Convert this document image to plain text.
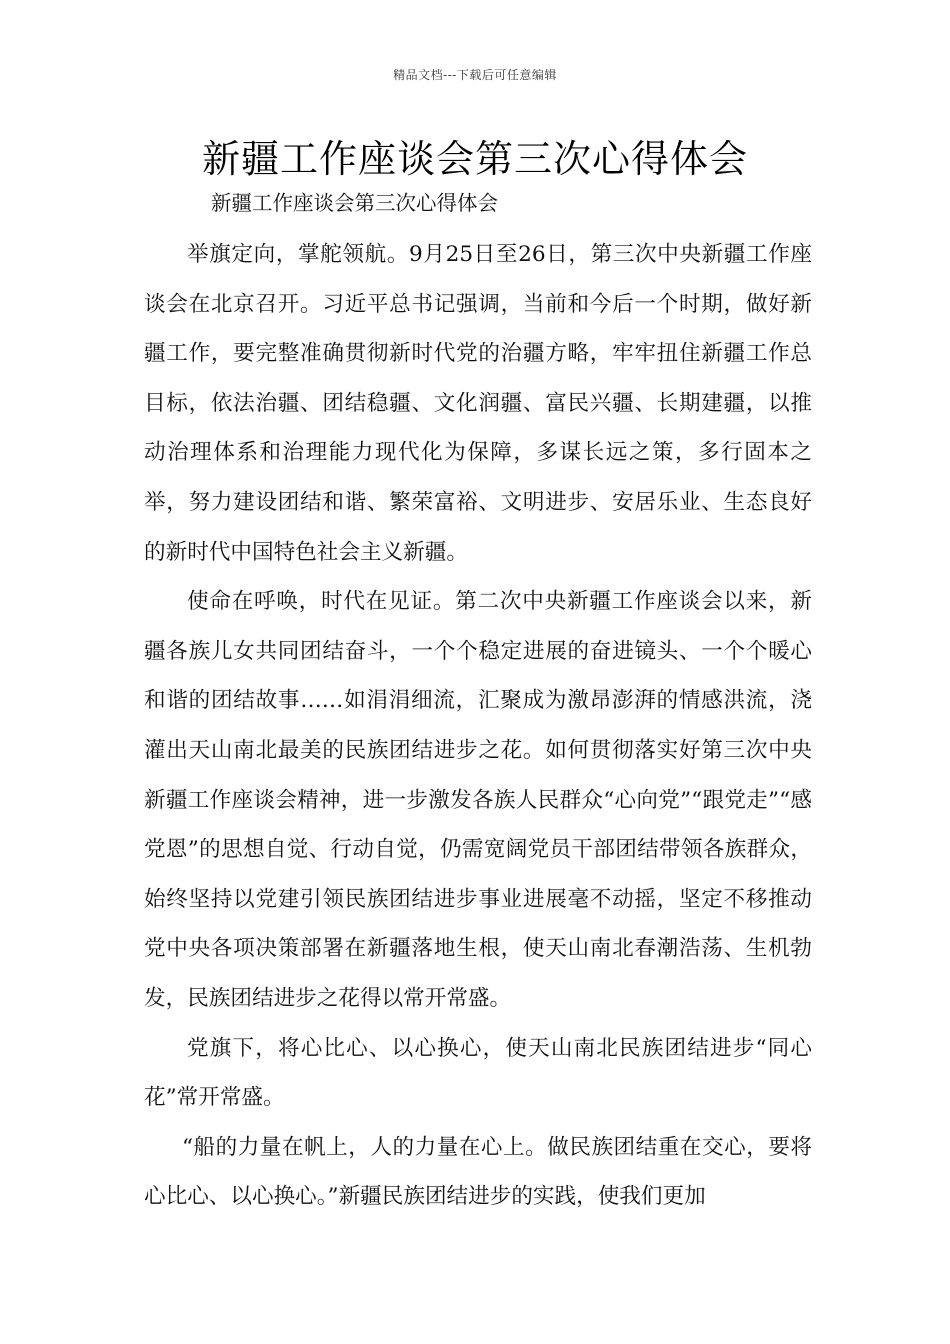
精品文档---下载后可任意编辑
新疆工作座谈会第三次心得体会
新疆工作座谈会第三次心得体会

举旗定向，掌舵领航。9月25日至26日，第三次中央新疆工作座谈会在北京召开。习近平总书记强调，当前和今后一个时期，做好新疆工作，要完整准确贯彻新时代党的治疆方略，牢牢扭住新疆工作总目标，依法治疆、团结稳疆、文化润疆、富民兴疆、长期建疆，以推动治理体系和治理能力现代化为保障，多谋长远之策，多行固本之举，努力建设团结和谐、繁荣富裕、文明进步、安居乐业、生态良好的新时代中国特色社会主义新疆。

使命在呼唤，时代在见证。第二次中央新疆工作座谈会以来，新疆各族儿女共同团结奋斗，一个个稳定进展的奋进镜头、一个个暖心和谐的团结故事……如涓涓细流，汇聚成为激昂澎湃的情感洪流，浇灌出天山南北最美的民族团结进步之花。如何贯彻落实好第三次中央新疆工作座谈会精神，进一步激发各族人民群众“心向党”“跟党走”“感党恩”的思想自觉、行动自觉，仍需宽阔党员干部团结带领各族群众，始终坚持以党建引领民族团结进步事业进展毫不动摇，坚定不移推动党中央各项决策部署在新疆落地生根，使天山南北春潮浩荡、生机勃发，民族团结进步之花得以常开常盛。

党旗下，将心比心、以心换心，使天山南北民族团结进步“同心花”常开常盛。

“船的力量在帆上，人的力量在心上。做民族团结重在交心，要将心比心、以心换心。”新疆民族团结进步的实践，使我们更加
